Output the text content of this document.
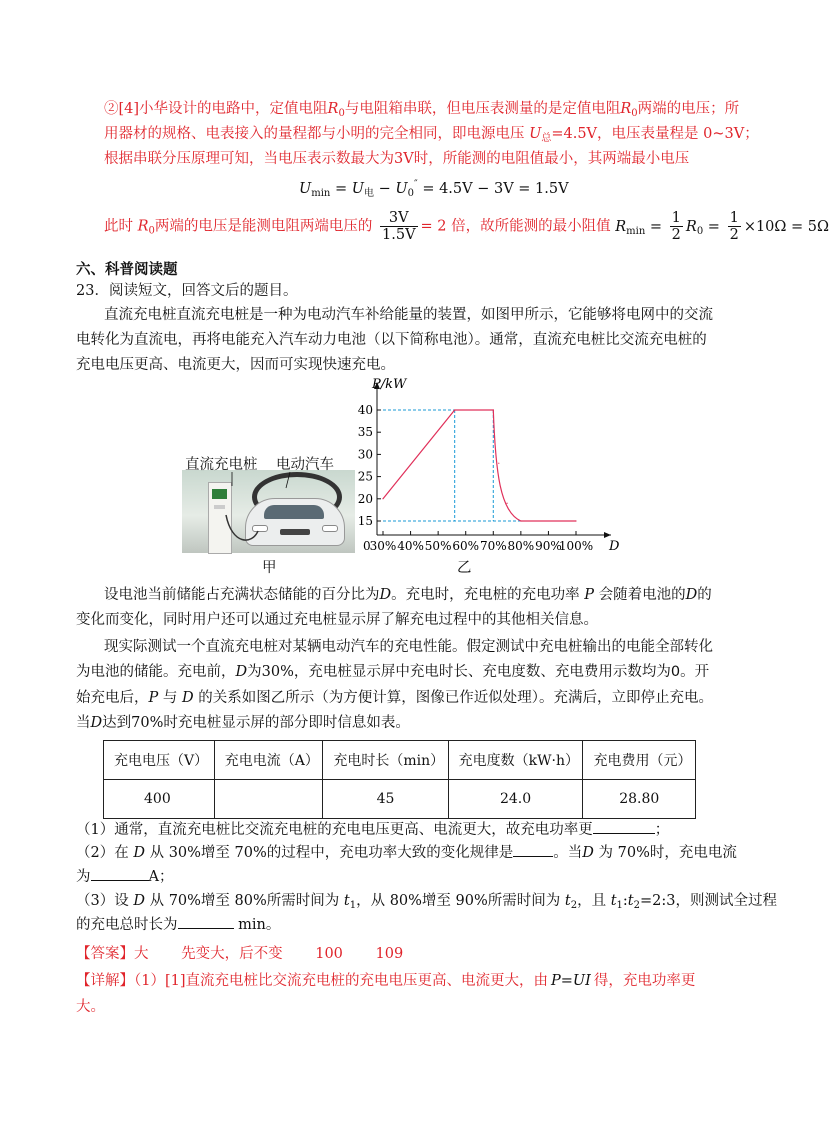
②[4]小华设计的电路中，定值电阻$R_0$与电阻箱串联，但电压表测量的是定值电阻$R_0$两端的电压；所
用器材的规格、电表接入的量程都与小明的完全相同，即电源电压 $U_总=4.5V$，电压表量程是 0~3V；
根据串联分压原理可知，当电压表示数最大为3V时，所能测的电阻值最小，其两端最小电压
$U_{min} = U_电 - U_0'' = 4.5V - 3V = 1.5V$
此时 $R_0$两端的电压是能测电阻两端电压的 $\frac{3V}{1.5V} = 2$ 倍，故所能测的最小阻值 $R_{min} = \frac{1}{2} R_0 = \frac{1}{2} \times 10\Omega = 5\Omega$
六、科普阅读题
23．阅读短文，回答文后的题目。
直流充电桩直流充电桩是一种为电动汽车补给能量的装置，如图甲所示，它能够将电网中的交流
电转化为直流电，再将电能充入汽车动力电池（以下简称电池）。通常，直流充电桩比交流充电桩的
充电电压更高、电流更大，因而可实现快速充电。
直流充电桩 电动汽车
甲
P/kW
D
0
15
20
25
30
35
40
30% 40% 50% 60% 70% 80% 90%
100%
乙
设电池当前储能占充满状态储能的百分比为D。充电时，充电桩的充电功率 P 会随着电池的D的
变化而变化，同时用户还可以通过充电桩显示屏了解充电过程中的其他相关信息。
现实际测试一个直流充电桩对某辆电动汽车的充电性能。假定测试中充电桩输出的电能全部转化
为电池的储能。充电前，D为30%，充电桩显示屏中充电时长、充电度数、充电费用示数均为0。开
始充电后，P 与 D 的关系如图乙所示（为方便计算，图像已作近似处理）。充满后，立即停止充电。
当D达到70%时充电桩显示屏的部分即时信息如表。
充电电压（V）	充电电流（A）	充电时长（min）	充电度数（kW·h）	充电费用（元）
400		45	24.0	28.80
（1）通常，直流充电桩比交流充电桩的充电电压更高、电流更大，故充电功率更	；
（2）在 D 从 30%增至 70%的过程中，充电功率大致的变化规律是	。当D 为 70%时，充电电流
为	A；
（3）设 D 从 70%增至 80%所需时间为 $t_1$，从 80%增至 90%所需时间为 $t_2$，且 $t_1:t_2=2:3$，则测试全过程
的充电总时长为	min。
【答案】大 先变大，后不变 100 109
【详解】（1）[1]直流充电桩比交流充电桩的充电电压更高、电流更大，由 P=UI 得，充电功率更
大。
